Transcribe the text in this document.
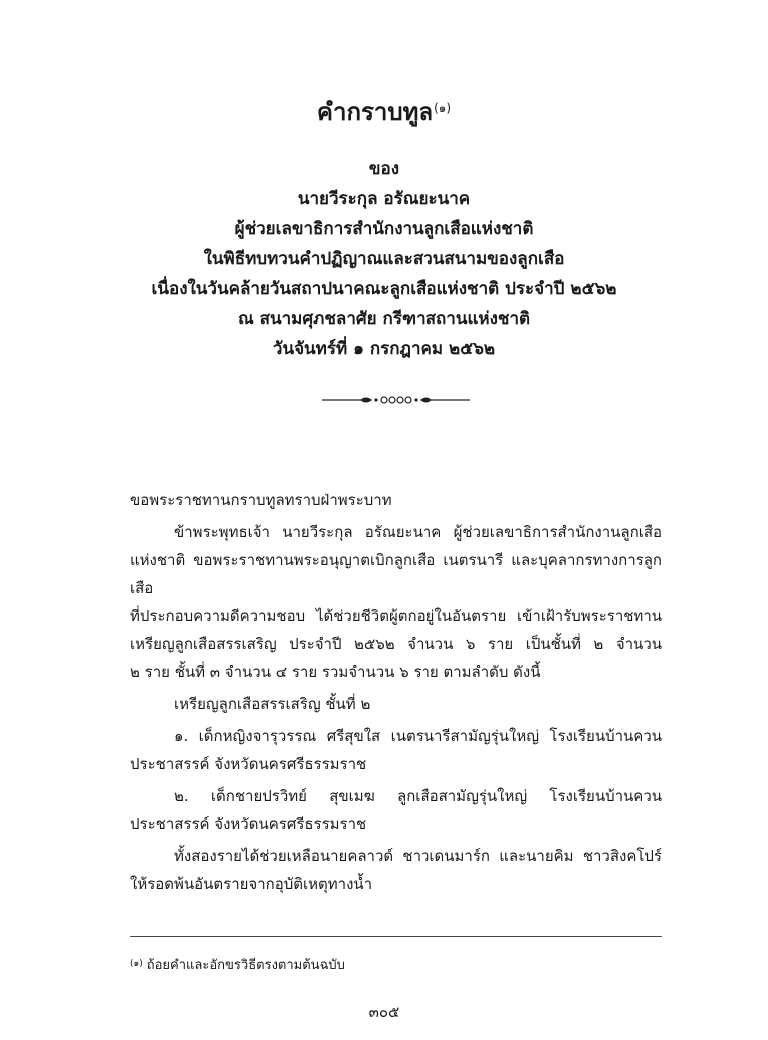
คำกราบทูล$^{(๑)}$
ของ
นายวีระกุล อรัณยะนาค
ผู้ช่วยเลขาธิการสำนักงานลูกเสือแห่งชาติ
ในพิธีทบทวนคำปฏิญาณและสวนสนามของลูกเสือ
เนื่องในวันคล้ายวันสถาปนาคณะลูกเสือแห่งชาติ ประจำปี ๒๕๖๒
ณ สนามศุภชลาศัย กรีฑาสถานแห่งชาติ
วันจันทร์ที่ ๑ กรกฎาคม ๒๕๖๒

ขอพระราชทานกราบทูลทราบฝ่าพระบาท

ข้าพระพุทธเจ้า นายวีระกุล อรัณยะนาค ผู้ช่วยเลขาธิการสำนักงานลูกเสือ
แห่งชาติ ขอพระราชทานพระอนุญาตเบิกลูกเสือ เนตรนารี และบุคลากรทางการลูกเสือ
ที่ประกอบความดีความชอบ ได้ช่วยชีวิตผู้ตกอยู่ในอันตราย เข้าเฝ้ารับพระราชทาน
เหรียญลูกเสือสรรเสริญ ประจำปี ๒๕๖๒ จำนวน ๖ ราย เป็นชั้นที่ ๒ จำนวน
๒ ราย ชั้นที่ ๓ จำนวน ๔ ราย รวมจำนวน ๖ ราย ตามลำดับ ดังนี้

เหรียญลูกเสือสรรเสริญ ชั้นที่ ๒

๑. เด็กหญิงจารุวรรณ ศรีสุขใส เนตรนารีสามัญรุ่นใหญ่ โรงเรียนบ้านควน
ประชาสรรค์ จังหวัดนครศรีธรรมราช

๒. เด็กชายปรวิทย์ สุขเมฆ ลูกเสือสามัญรุ่นใหญ่ โรงเรียนบ้านควน
ประชาสรรค์ จังหวัดนครศรีธรรมราช

ทั้งสองรายได้ช่วยเหลือนายคลาวด์ ชาวเดนมาร์ก และนายคิม ชาวสิงคโปร์
ให้รอดพ้นอันตรายจากอุบัติเหตุทางน้ำ

$^{(๑)}$ ถ้อยคำและอักขรวิธีตรงตามต้นฉบับ
๓๐๕
